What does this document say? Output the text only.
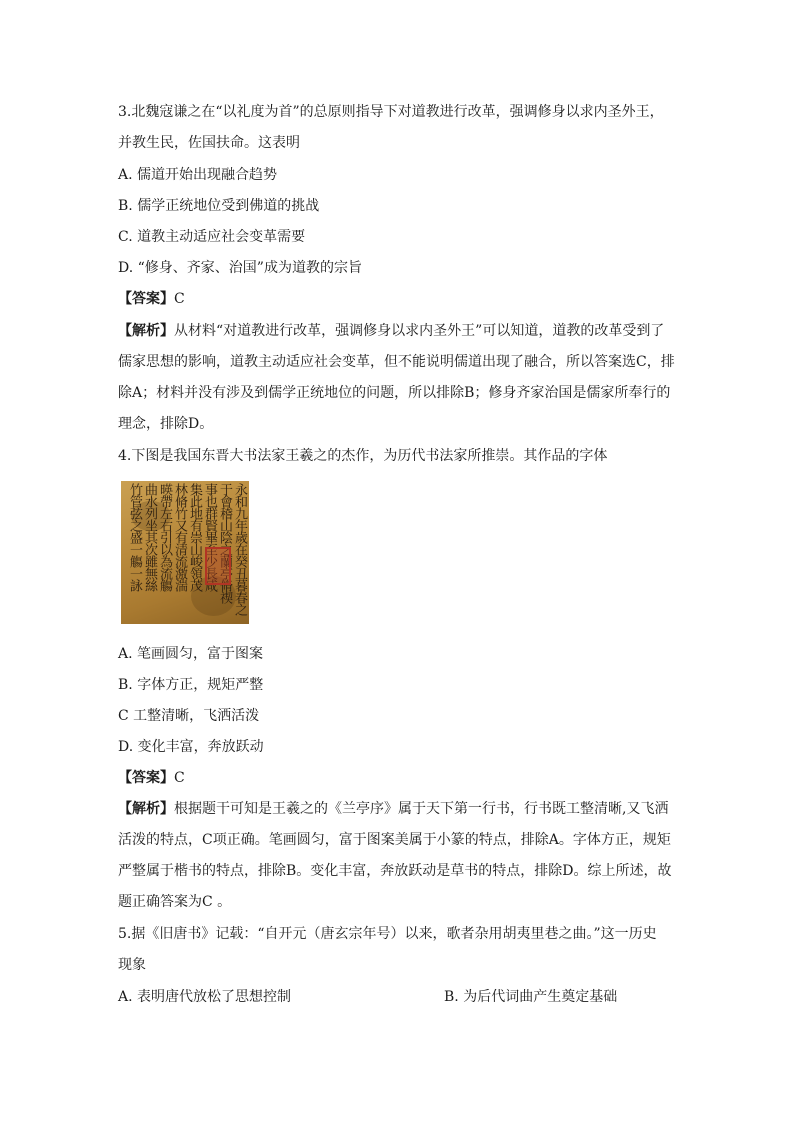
3.北魏寇谦之在“以礼度为首”的总原则指导下对道教进行改革，强调修身以求内圣外王，
并教生民，佐国扶命。这表明
A. 儒道开始出现融合趋势
B. 儒学正统地位受到佛道的挑战
C. 道教主动适应社会变革需要
D. “修身、齐家、治国”成为道教的宗旨
【答案】C
【解析】从材料“对道教进行改革，强调修身以求内圣外王”可以知道，道教的改革受到了
儒家思想的影响，道教主动适应社会变革，但不能说明儒道出现了融合，所以答案选C，排
除A；材料并没有涉及到儒学正统地位的问题，所以排除B；修身齐家治国是儒家所奉行的
理念，排除D。
4.下图是我国东晋大书法家王羲之的杰作，为历代书法家所推崇。其作品的字体
永和九年歲在癸丑暮春之
于會稽山陰之蘭亭脩禊
事也群賢畢至少長咸
集此地有崇山峻領茂
林脩竹又有清流激湍
暎帶左右引以為流觴
曲水列坐其次雖無絲
竹管弦之盛一觴一詠
A. 笔画圆匀，富于图案
B. 字体方正，规矩严整
C 工整清晰，飞洒活泼
D. 变化丰富，奔放跃动
【答案】C
【解析】根据题干可知是王羲之的《兰亭序》属于天下第一行书，行书既工整清晰,又飞洒
活泼的特点，C项正确。笔画圆匀，富于图案美属于小篆的特点，排除A。字体方正，规矩
严整属于楷书的特点，排除B。变化丰富，奔放跃动是草书的特点，排除D。综上所述，故
题正确答案为C 。
5.据《旧唐书》记载：“自开元（唐玄宗年号）以来，歌者杂用胡夷里巷之曲。”这一历史
现象
A. 表明唐代放松了思想控制	B. 为后代词曲产生奠定基础
